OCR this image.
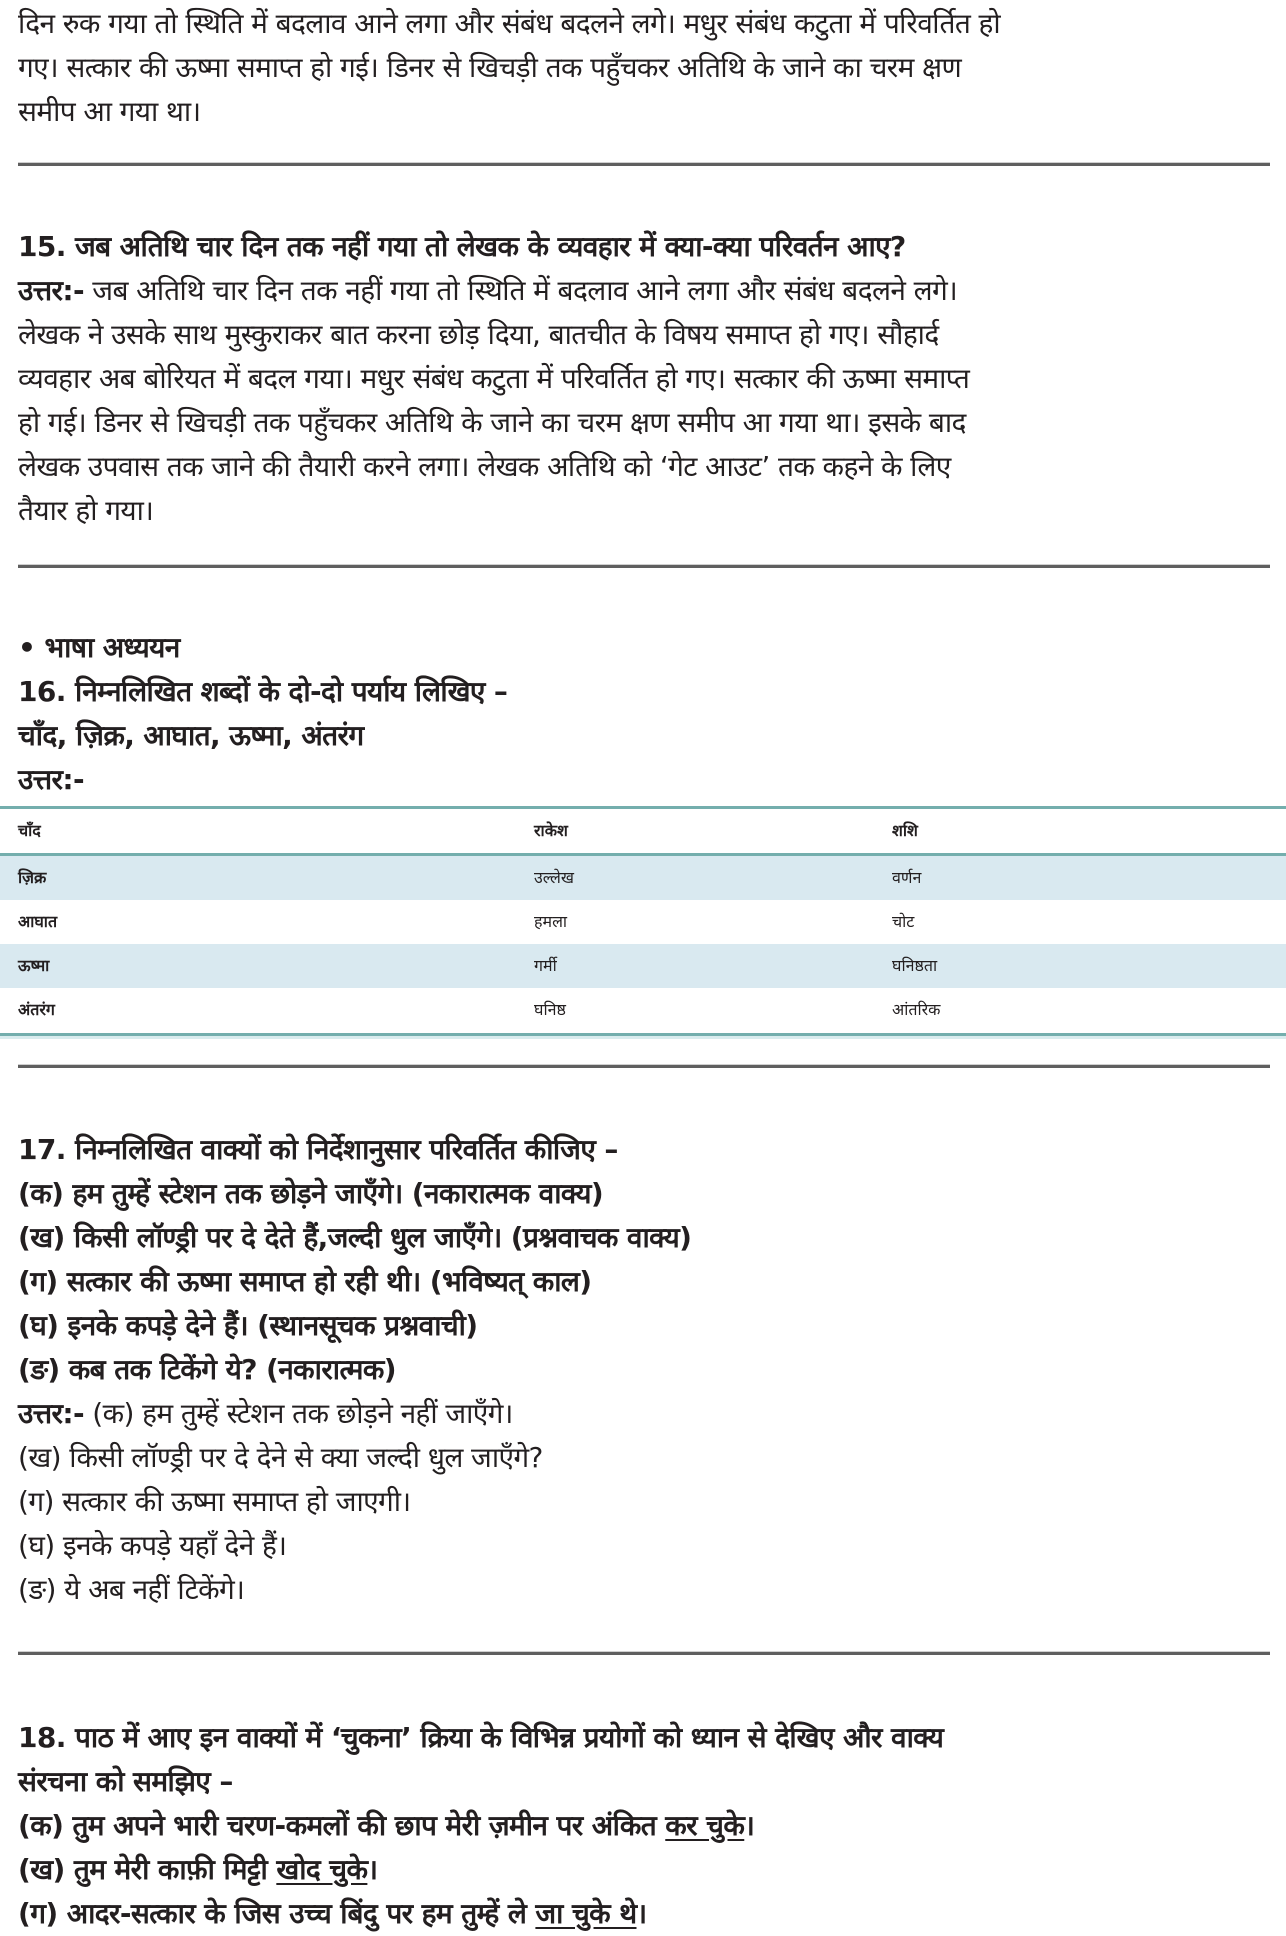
दिन रुक गया तो स्थिति में बदलाव आने लगा और संबंध बदलने लगे। मधुर संबंध कटुता में परिवर्तित हो
गए। सत्कार की ऊष्मा समाप्त हो गई। डिनर से खिचड़ी तक पहुँचकर अतिथि के जाने का चरम क्षण
समीप आ गया था।
15. जब अतिथि चार दिन तक नहीं गया तो लेखक के व्यवहार में क्या-क्या परिवर्तन आए?
उत्तर:- जब अतिथि चार दिन तक नहीं गया तो स्थिति में बदलाव आने लगा और संबंध बदलने लगे।
लेखक ने उसके साथ मुस्कुराकर बात करना छोड़ दिया, बातचीत के विषय समाप्त हो गए। सौहार्द
व्यवहार अब बोरियत में बदल गया। मधुर संबंध कटुता में परिवर्तित हो गए। सत्कार की ऊष्मा समाप्त
हो गई। डिनर से खिचड़ी तक पहुँचकर अतिथि के जाने का चरम क्षण समीप आ गया था। इसके बाद
लेखक उपवास तक जाने की तैयारी करने लगा। लेखक अतिथि को ‘गेट आउट’ तक कहने के लिए
तैयार हो गया।
• भाषा अध्ययन
16. निम्नलिखित शब्दों के दो-दो पर्याय लिखिए –
चाँद, ज़िक्र, आघात, ऊष्मा, अंतरंग
उत्तर:-
चाँद	राकेश	शशि
ज़िक्र	उल्लेख	वर्णन
आघात	हमला	चोट
ऊष्मा	गर्मी	घनिष्ठता
अंतरंग	घनिष्ठ	आंतरिक
17. निम्नलिखित वाक्यों को निर्देशानुसार परिवर्तित कीजिए –
(क) हम तुम्हें स्टेशन तक छोड़ने जाएँगे। (नकारात्मक वाक्य)
(ख) किसी लॉण्ड्री पर दे देते हैं,जल्दी धुल जाएँगे। (प्रश्नवाचक वाक्य)
(ग) सत्कार की ऊष्मा समाप्त हो रही थी। (भविष्यत् काल)
(घ) इनके कपड़े देने हैं। (स्थानसूचक प्रश्नवाची)
(ङ) कब तक टिकेंगे ये? (नकारात्मक)
उत्तर:- (क) हम तुम्हें स्टेशन तक छोड़ने नहीं जाएँगे।
(ख) किसी लॉण्ड्री पर दे देने से क्या जल्दी धुल जाएँगे?
(ग) सत्कार की ऊष्मा समाप्त हो जाएगी।
(घ) इनके कपड़े यहाँ देने हैं।
(ङ) ये अब नहीं टिकेंगे।
18. पाठ में आए इन वाक्यों में ‘चुकना’ क्रिया के विभिन्न प्रयोगों को ध्यान से देखिए और वाक्य
संरचना को समझिए –
(क) तुम अपने भारी चरण-कमलों की छाप मेरी ज़मीन पर अंकित कर चुके।
(ख) तुम मेरी काफ़ी मिट्टी खोद चुके।
(ग) आदर-सत्कार के जिस उच्च बिंदु पर हम तुम्हें ले जा चुके थे।
